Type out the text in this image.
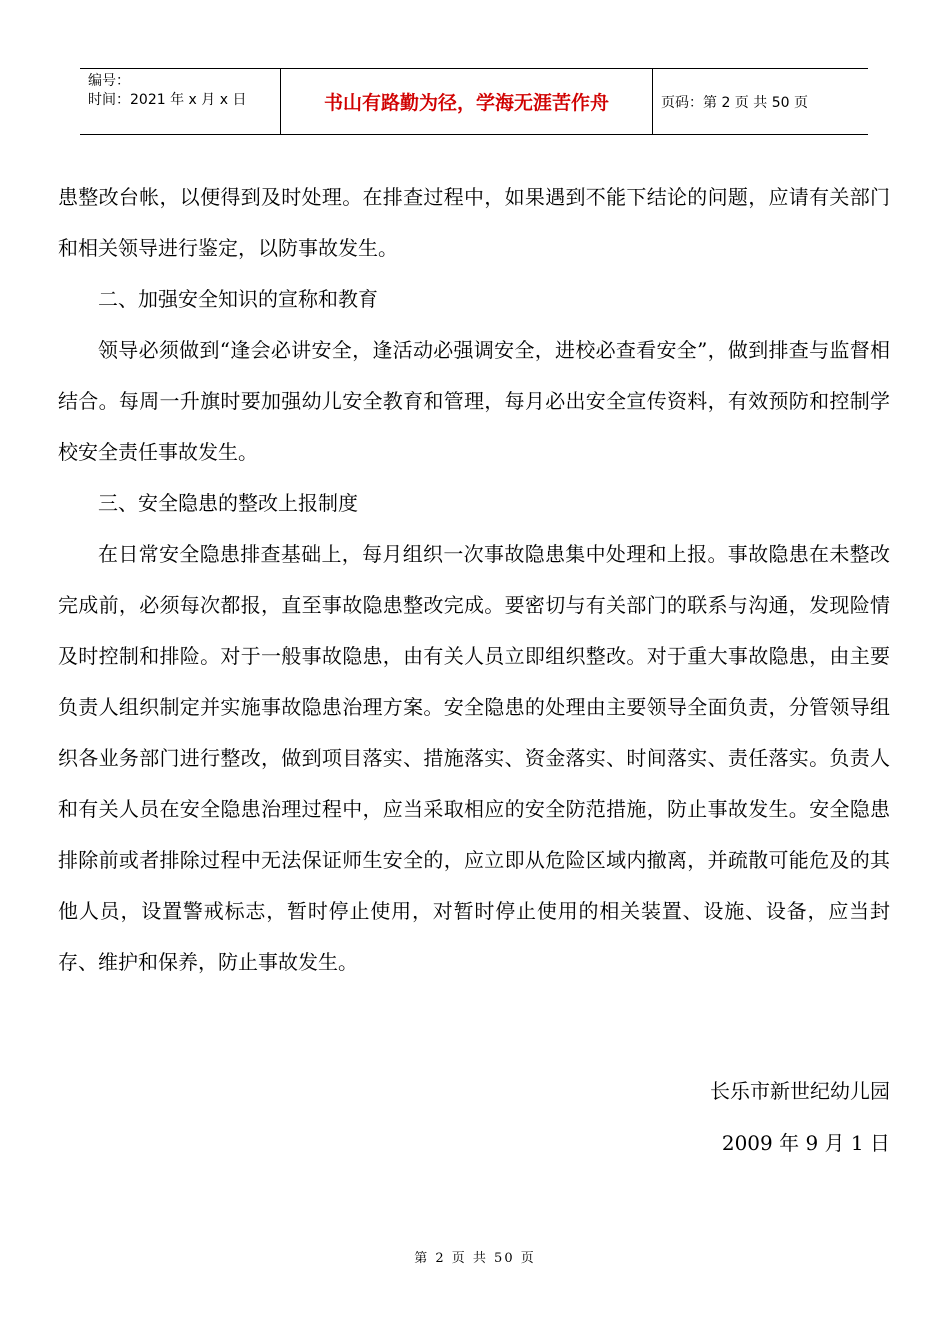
编号：
时间：2021 年 x 月 x 日	书山有路勤为径，学海无涯苦作舟	页码：第 2 页 共 50 页

患整改台帐，以便得到及时处理。在排查过程中，如果遇到不能下结论的问题，应请有关部门和相关领导进行鉴定，以防事故发生。

二、加强安全知识的宣称和教育

领导必须做到“逢会必讲安全，逢活动必强调安全，进校必查看安全”，做到排查与监督相结合。每周一升旗时要加强幼儿安全教育和管理，每月必出安全宣传资料，有效预防和控制学校安全责任事故发生。

三、安全隐患的整改上报制度

在日常安全隐患排查基础上，每月组织一次事故隐患集中处理和上报。事故隐患在未整改完成前，必须每次都报，直至事故隐患整改完成。要密切与有关部门的联系与沟通，发现险情及时控制和排险。对于一般事故隐患，由有关人员立即组织整改。对于重大事故隐患，由主要负责人组织制定并实施事故隐患治理方案。安全隐患的处理由主要领导全面负责，分管领导组织各业务部门进行整改，做到项目落实、措施落实、资金落实、时间落实、责任落实。负责人和有关人员在安全隐患治理过程中，应当采取相应的安全防范措施，防止事故发生。安全隐患排除前或者排除过程中无法保证师生安全的，应立即从危险区域内撤离，并疏散可能危及的其他人员，设置警戒标志，暂时停止使用，对暂时停止使用的相关装置、设施、设备，应当封存、维护和保养，防止事故发生。

长乐市新世纪幼儿园
2009 年 9 月 1 日
第 2 页 共 50 页
